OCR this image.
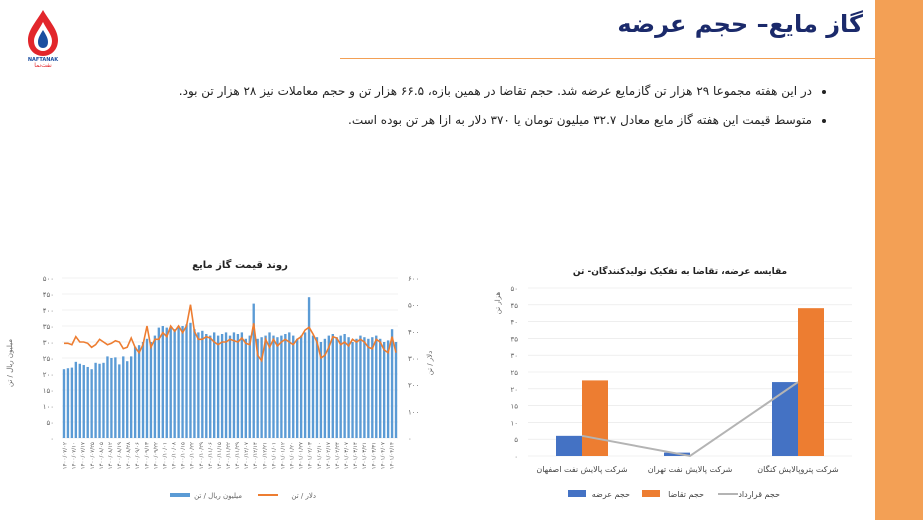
NAFTANAK
نفت‌نما
گاز مایع– حجم عرضه
• در این هفته مجموعا ۲۹ هزار تن گازمایع عرضه شد. حجم تقاضا در همین بازه، ۶۶.۵ هزار تن و حجم معاملات نیز ۲۸ هزار تن بود.
• متوسط قیمت این هفته گاز مایع معادل ۳۲.۷ میلیون تومان یا ۳۷۰ دلار به ازا هر تن بوده است.
روند قیمت گاز مایع
میلیون ریال / تن	دلار / تن
۵۰۰
۴۵۰
۴۰۰
۳۵۰
۳۰۰
۲۵۰
۲۰۰
۱۵۰
۱۰۰
۵۰
۰
۶۰۰
۵۰۰
۴۰۰
۳۰۰
۲۰۰
۱۰۰
۰
۱۴۰۰/۰۷/۰۲ ۱۴۰۰/۰۷/۱۰ ۱۴۰۰/۰۷/۱۷ ۱۴۰۰/۰۷/۲۵ ۱۴۰۰/۰۸/۰۵ ۱۴۰۰/۰۸/۱۲ ۱۴۰۰/۰۸/۱۹ ۱۴۰۰/۰۸/۲۸ ۱۴۰۰/۰۹/۰۶ ۱۴۰۰/۰۹/۱۳ ۱۴۰۰/۰۹/۲۲ ۱۴۰۰/۱۰/۰۱ ۱۴۰۰/۱۰/۰۸ ۱۴۰۰/۱۰/۱۵ ۱۴۰۰/۱۰/۲۲ ۱۴۰۰/۱۰/۲۹ ۱۴۰۰/۱۱/۰۶ ۱۴۰۰/۱۱/۱۵ ۱۴۰۰/۱۱/۲۲ ۱۴۰۰/۱۱/۲۹ ۱۴۰۰/۱۲/۰۷ ۱۴۰۰/۱۲/۱۴ ۱۴۰۰/۱۲/۲۱ ۱۴۰۱/۰۱/۰۱ ۱۴۰۱/۰۱/۱۲ ۱۴۰۱/۰۱/۲۰ ۱۴۰۱/۰۱/۲۷ ۱۴۰۱/۰۲/۰۳ ۱۴۰۱/۰۲/۱۰ ۱۴۰۱/۰۲/۱۷ ۱۴۰۱/۰۲/۲۴ ۱۴۰۱/۰۳/۰۷ ۱۴۰۱/۰۳/۱۴ ۱۴۰۱/۰۳/۲۱ ۱۴۰۱/۰۳/۳۱ ۱۴۰۱/۰۴/۰۷ ۱۴۰۱/۰۴/۱۴
میلیون ریال / تن	دلار / تن
مقایسه عرضه، تقاضا به تفکیک تولیدکنندگان- تن
هزار تن
۵۰
۴۵
۴۰
۳۵
۳۰
۲۵
۲۰
۱۵
۱۰
۵
۰
شرکت پالایش نفت اصفهان	شرکت پالایش نفت تهران	شرکت پتروپالایش کنگان
حجم عرضه	حجم تقاضا	حجم قرارداد
